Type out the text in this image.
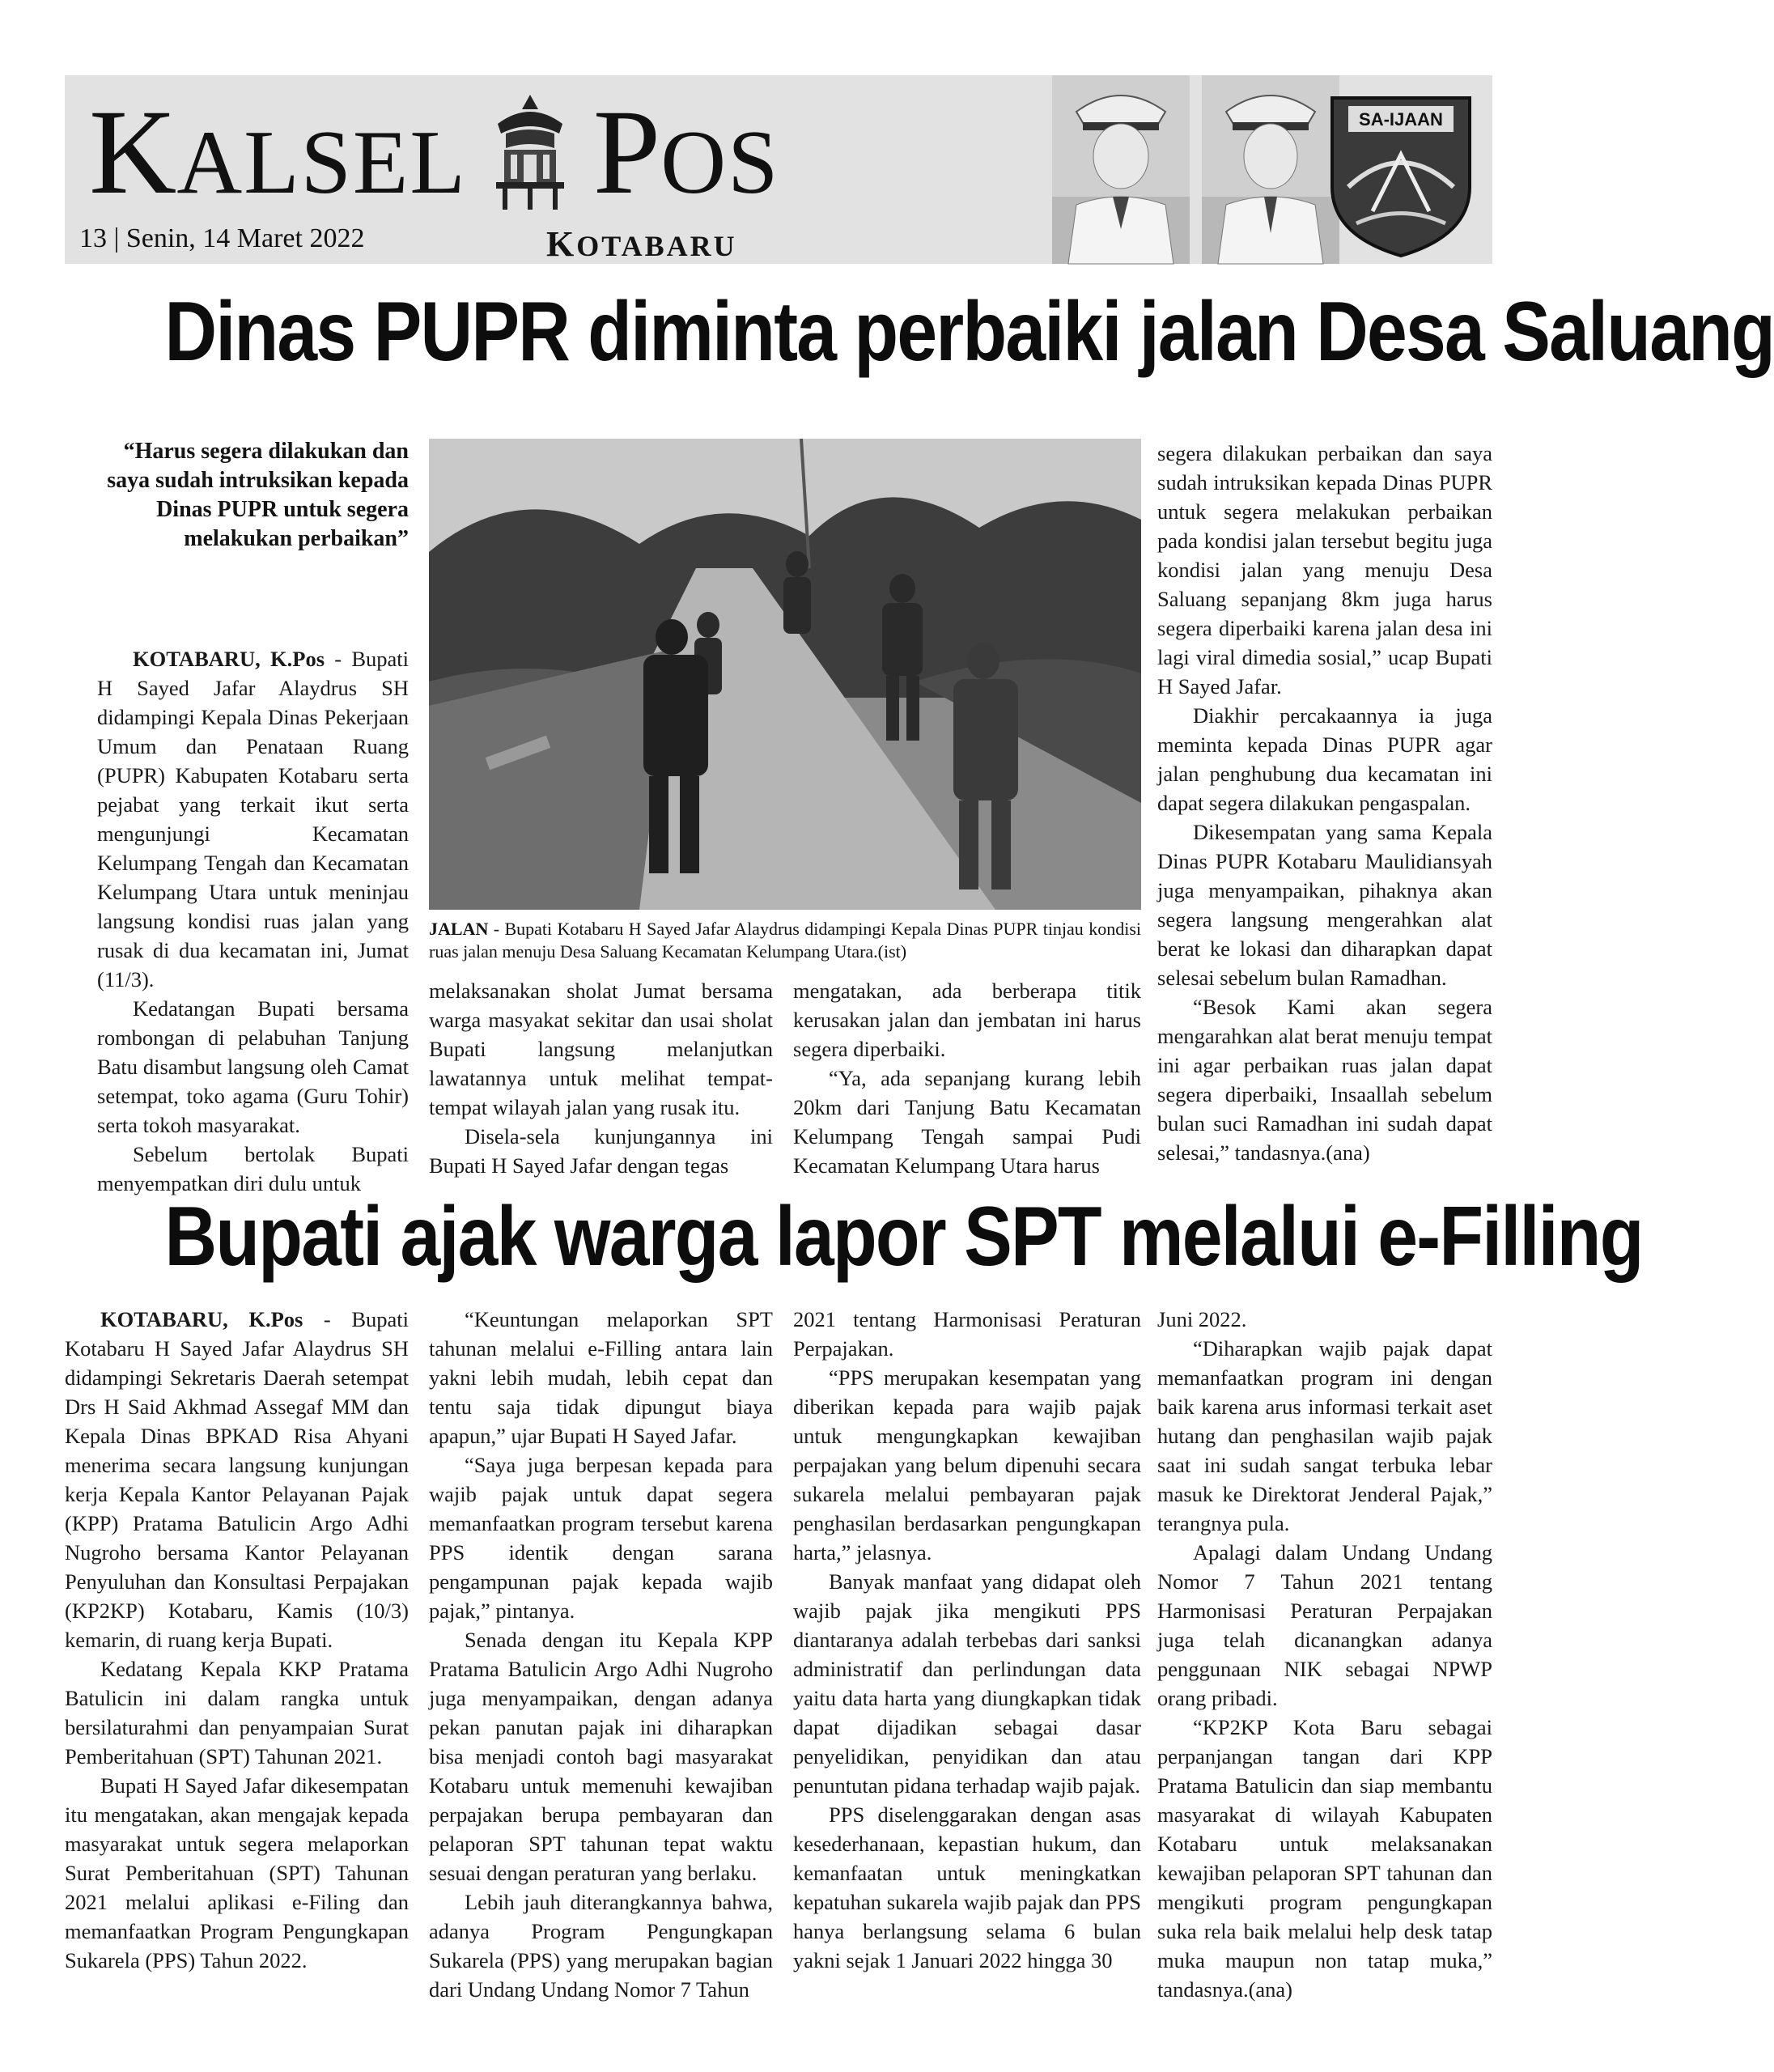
K ALSEL P OS
13 | Senin, 14 Maret 2022	KOTABARU
SA-IJAAN
Dinas PUPR diminta perbaiki jalan Desa Saluang
“Harus segera dilakukan dan saya sudah intruksikan kepada Dinas PUPR untuk segera melakukan perbaikan”
JALAN - Bupati Kotabaru H Sayed Jafar Alaydrus didampingi Kepala Dinas PUPR tinjau kondisi ruas jalan menuju Desa Saluang Kecamatan Kelumpang Utara.(ist)

KOTABARU, K.Pos - Bupati H Sayed Jafar Alaydrus SH didampingi Kepala Dinas Pekerjaan Umum dan Penataan Ruang (PUPR) Kabupaten Kotabaru serta pejabat yang terkait ikut serta mengunjungi Kecamatan Kelumpang Tengah dan Kecamatan Kelumpang Utara untuk meninjau langsung kondisi ruas jalan yang rusak di dua kecamatan ini, Jumat (11/3).

Kedatangan Bupati bersama rombongan di pelabuhan Tanjung Batu disambut langsung oleh Camat setempat, toko agama (Guru Tohir) serta tokoh masyarakat.

Sebelum bertolak Bupati menyempatkan diri dulu untuk

melaksanakan sholat Jumat bersama warga masyakat sekitar dan usai sholat Bupati langsung melanjutkan lawatannya untuk melihat tempat-tempat wilayah jalan yang rusak itu.

Disela-sela kunjungannya ini Bupati H Sayed Jafar dengan tegas

mengatakan, ada berberapa titik kerusakan jalan dan jembatan ini harus segera diperbaiki.

“Ya, ada sepanjang kurang lebih 20km dari Tanjung Batu Kecamatan Kelumpang Tengah sampai Pudi Kecamatan Kelumpang Utara harus

segera dilakukan perbaikan dan saya sudah intruksikan kepada Dinas PUPR untuk segera melakukan perbaikan pada kondisi jalan tersebut begitu juga kondisi jalan yang menuju Desa Saluang sepanjang 8km juga harus segera diperbaiki karena jalan desa ini lagi viral dimedia sosial,” ucap Bupati H Sayed Jafar.

Diakhir percakaannya ia juga meminta kepada Dinas PUPR agar jalan penghubung dua kecamatan ini dapat segera dilakukan pengaspalan.

Dikesempatan yang sama Kepala Dinas PUPR Kotabaru Maulidiansyah juga menyampaikan, pihaknya akan segera langsung mengerahkan alat berat ke lokasi dan diharapkan dapat selesai sebelum bulan Ramadhan.

“Besok Kami akan segera mengarahkan alat berat menuju tempat ini agar perbaikan ruas jalan dapat segera diperbaiki, Insaallah sebelum bulan suci Ramadhan ini sudah dapat selesai,” tandasnya.(ana)

Bupati ajak warga lapor SPT melalui e-Filling

KOTABARU, K.Pos - Bupati Kotabaru H Sayed Jafar Alaydrus SH didampingi Sekretaris Daerah setempat Drs H Said Akhmad Assegaf MM dan Kepala Dinas BPKAD Risa Ahyani menerima secara langsung kunjungan kerja Kepala Kantor Pelayanan Pajak (KPP) Pratama Batulicin Argo Adhi Nugroho bersama Kantor Pelayanan Penyuluhan dan Konsultasi Perpajakan (KP2KP) Kotabaru, Kamis (10/3) kemarin, di ruang kerja Bupati.

Kedatang Kepala KKP Pratama Batulicin ini dalam rangka untuk bersilaturahmi dan penyampaian Surat Pemberitahuan (SPT) Tahunan 2021.

Bupati H Sayed Jafar dikesempatan itu mengatakan, akan mengajak kepada masyarakat untuk segera melaporkan Surat Pemberitahuan (SPT) Tahunan 2021 melalui aplikasi e-Filing dan memanfaatkan Program Pengungkapan Sukarela (PPS) Tahun 2022.

“Keuntungan melaporkan SPT tahunan melalui e-Filling antara lain yakni lebih mudah, lebih cepat dan tentu saja tidak dipungut biaya apapun,” ujar Bupati H Sayed Jafar.

“Saya juga berpesan kepada para wajib pajak untuk dapat segera memanfaatkan program tersebut karena PPS identik dengan sarana pengampunan pajak kepada wajib pajak,” pintanya.

Senada dengan itu Kepala KPP Pratama Batulicin Argo Adhi Nugroho juga menyampaikan, dengan adanya pekan panutan pajak ini diharapkan bisa menjadi contoh bagi masyarakat Kotabaru untuk memenuhi kewajiban perpajakan berupa pembayaran dan pelaporan SPT tahunan tepat waktu sesuai dengan peraturan yang berlaku.

Lebih jauh diterangkannya bahwa, adanya Program Pengungkapan Sukarela (PPS) yang merupakan bagian dari Undang Undang Nomor 7 Tahun

2021 tentang Harmonisasi Peraturan Perpajakan.

“PPS merupakan kesempatan yang diberikan kepada para wajib pajak untuk mengungkapkan kewajiban perpajakan yang belum dipenuhi secara sukarela melalui pembayaran pajak penghasilan berdasarkan pengungkapan harta,” jelasnya.

Banyak manfaat yang didapat oleh wajib pajak jika mengikuti PPS diantaranya adalah terbebas dari sanksi administratif dan perlindungan data yaitu data harta yang diungkapkan tidak dapat dijadikan sebagai dasar penyelidikan, penyidikan dan atau penuntutan pidana terhadap wajib pajak.

PPS diselenggarakan dengan asas kesederhanaan, kepastian hukum, dan kemanfaatan untuk meningkatkan kepatuhan sukarela wajib pajak dan PPS hanya berlangsung selama 6 bulan yakni sejak 1 Januari 2022 hingga 30

Juni 2022.

“Diharapkan wajib pajak dapat memanfaatkan program ini dengan baik karena arus informasi terkait aset hutang dan penghasilan wajib pajak saat ini sudah sangat terbuka lebar masuk ke Direktorat Jenderal Pajak,” terangnya pula.

Apalagi dalam Undang Undang Nomor 7 Tahun 2021 tentang Harmonisasi Peraturan Perpajakan juga telah dicanangkan adanya penggunaan NIK sebagai NPWP orang pribadi.

“KP2KP Kota Baru sebagai perpanjangan tangan dari KPP Pratama Batulicin dan siap membantu masyarakat di wilayah Kabupaten Kotabaru untuk melaksanakan kewajiban pelaporan SPT tahunan dan mengikuti program pengungkapan suka rela baik melalui help desk tatap muka maupun non tatap muka,” tandasnya.(ana)
